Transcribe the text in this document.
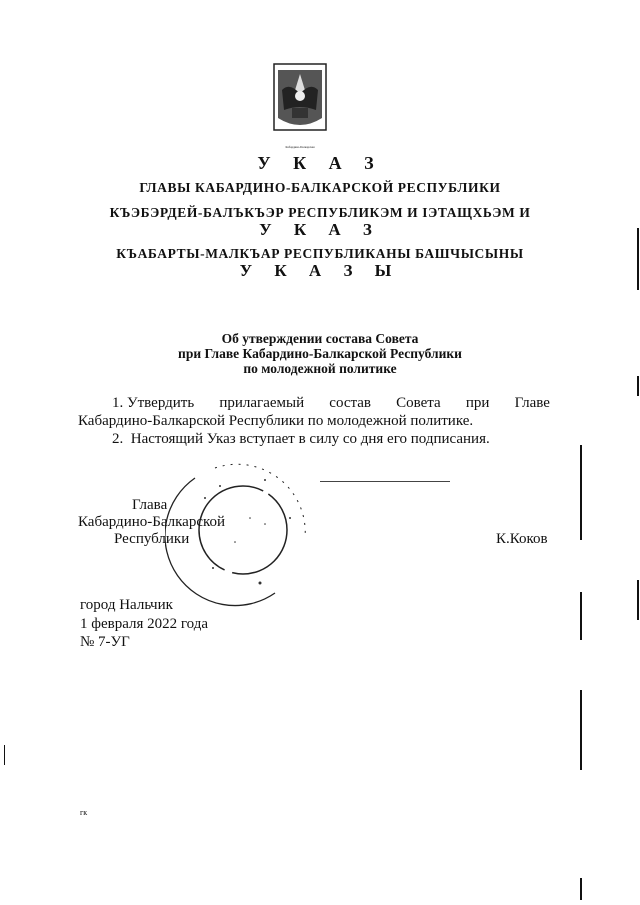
Кабардино-Балкарская
У К А З
ГЛАВЫ КАБАРДИНО-БАЛКАРСКОЙ РЕСПУБЛИКИ
КЪЭБЭРДЕЙ-БАЛЪКЪЭР РЕСПУБЛИКЭМ И ІЭТАЩХЬЭМ И
У К А З
КЪАБАРТЫ-МАЛКЪАР РЕСПУБЛИКАНЫ БАШЧЫСЫНЫ
У К А З Ы
Об утверждении состава Совета
при Главе Кабардино-Балкарской Республики
по молодежной политике
1. Утвердить прилагаемый состав Совета при Главе
Кабардино-Балкарской Республики по молодежной политике.
2.  Настоящий Указ вступает в силу со дня его подписания.
Глава
Кабардино-Балкарской
Республики	К.Коков
город Нальчик
1 февраля 2022 года
№ 7-УГ
гк
